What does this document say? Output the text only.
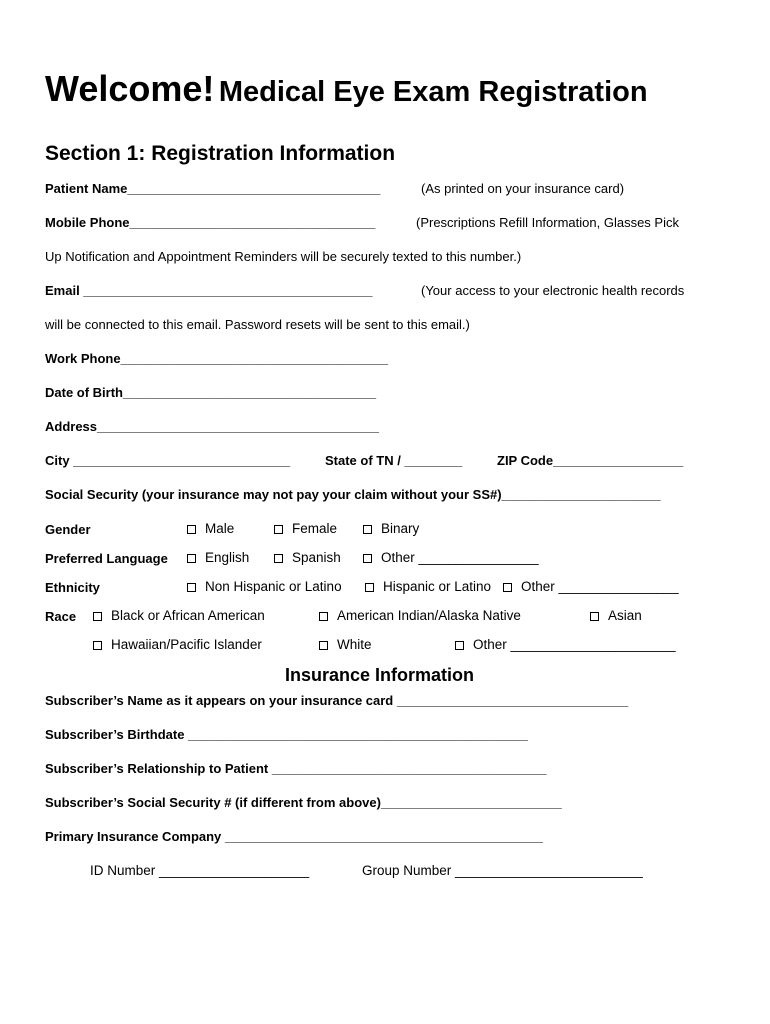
Welcome! Medical Eye Exam Registration
Section 1: Registration Information
Patient Name___________________________________	(As printed on your insurance card)
Mobile Phone__________________________________	(Prescriptions Refill Information, Glasses Pick
Up Notification and Appointment Reminders will be securely texted to this number.)
Email ________________________________________	(Your access to your electronic health records
will be connected to this email. Password resets will be sent to this email.)
Work Phone_____________________________________
Date of Birth___________________________________
Address_______________________________________
City ______________________________	State of TN / ________	ZIP Code__________________
Social Security (your insurance may not pay your claim without your SS#)______________________
Gender	Male	Female	Binary
Preferred Language	English	Spanish	Other ________________
Ethnicity	Non Hispanic or Latino	Hispanic or Latino	Other ________________
Race	Black or African American	American Indian/Alaska Native	Asian
Hawaiian/Pacific Islander	White	Other ______________________
Insurance Information
Subscriber’s Name as it appears on your insurance card ________________________________
Subscriber’s Birthdate _______________________________________________
Subscriber’s Relationship to Patient ______________________________________
Subscriber’s Social Security # (if different from above)_________________________
Primary Insurance Company ____________________________________________
ID Number ____________________	Group Number _________________________
